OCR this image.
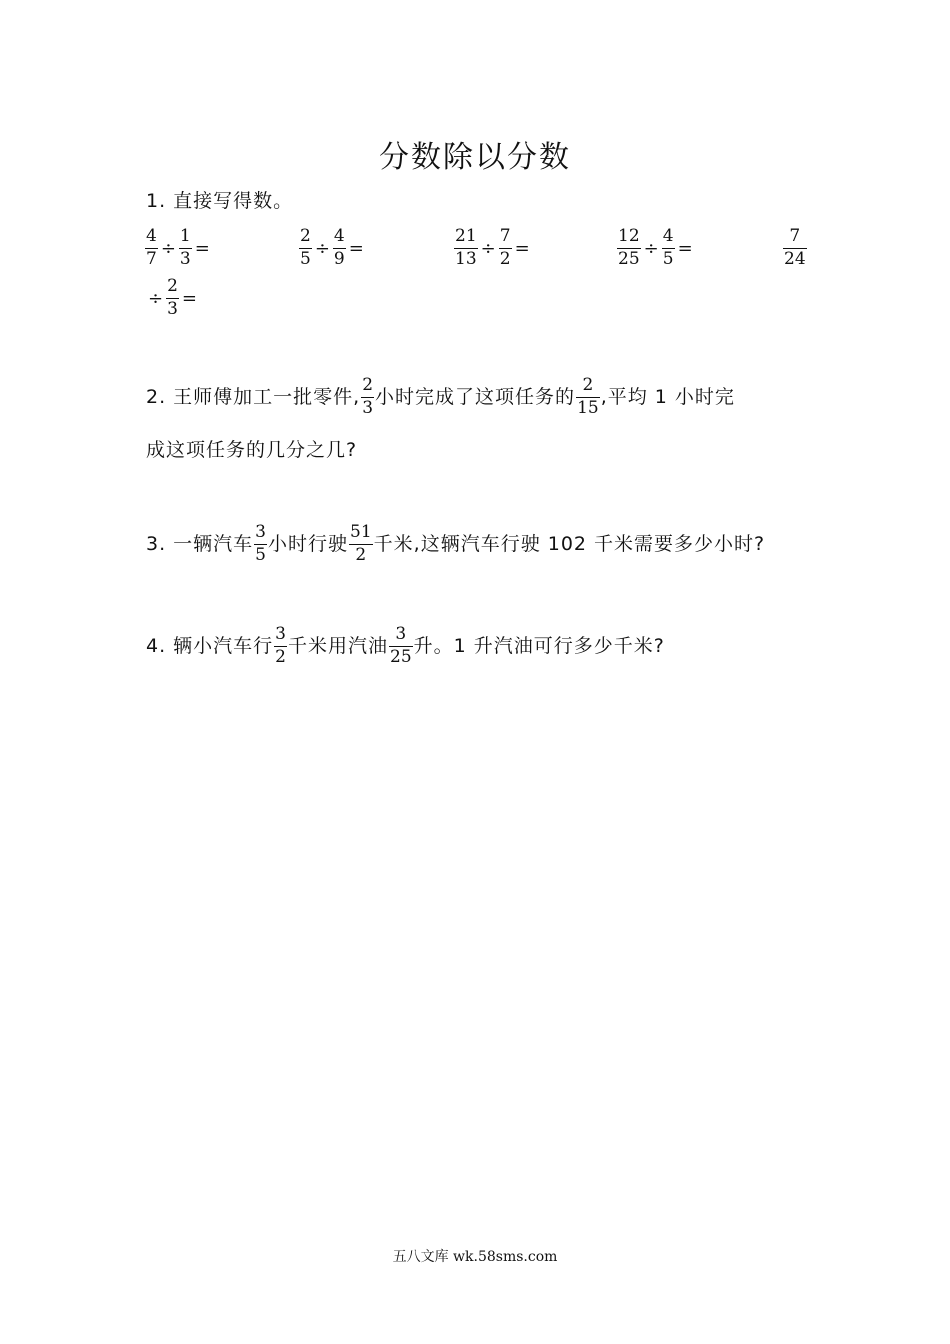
分数除以分数
1. 直接写得数。
$\frac{4}{7} \div \frac{1}{3}$ =	$\frac{2}{5} \div \frac{4}{9}$ =	$\frac{21}{13} \div \frac{7}{2}$ =	$\frac{12}{25} \div \frac{4}{5}$ =	$\frac{7}{24}$
÷ $\frac{2}{3}$ =
2. 王师傅加工一批零件, $\frac{2}{3}$ 小时完成了这项任务的 $\frac{2}{15}$ ,平均 1 小时完
成这项任务的几分之几?
3. 一辆汽车 $\frac{3}{5}$ 小时行驶 $\frac{51}{2}$ 千米,这辆汽车行驶 102 千米需要多少小时?
4. 辆小汽车行 $\frac{3}{2}$ 千米用汽油 $\frac{3}{25}$ 升。1 升汽油可行多少千米?
五八文库 wk.58sms.com
